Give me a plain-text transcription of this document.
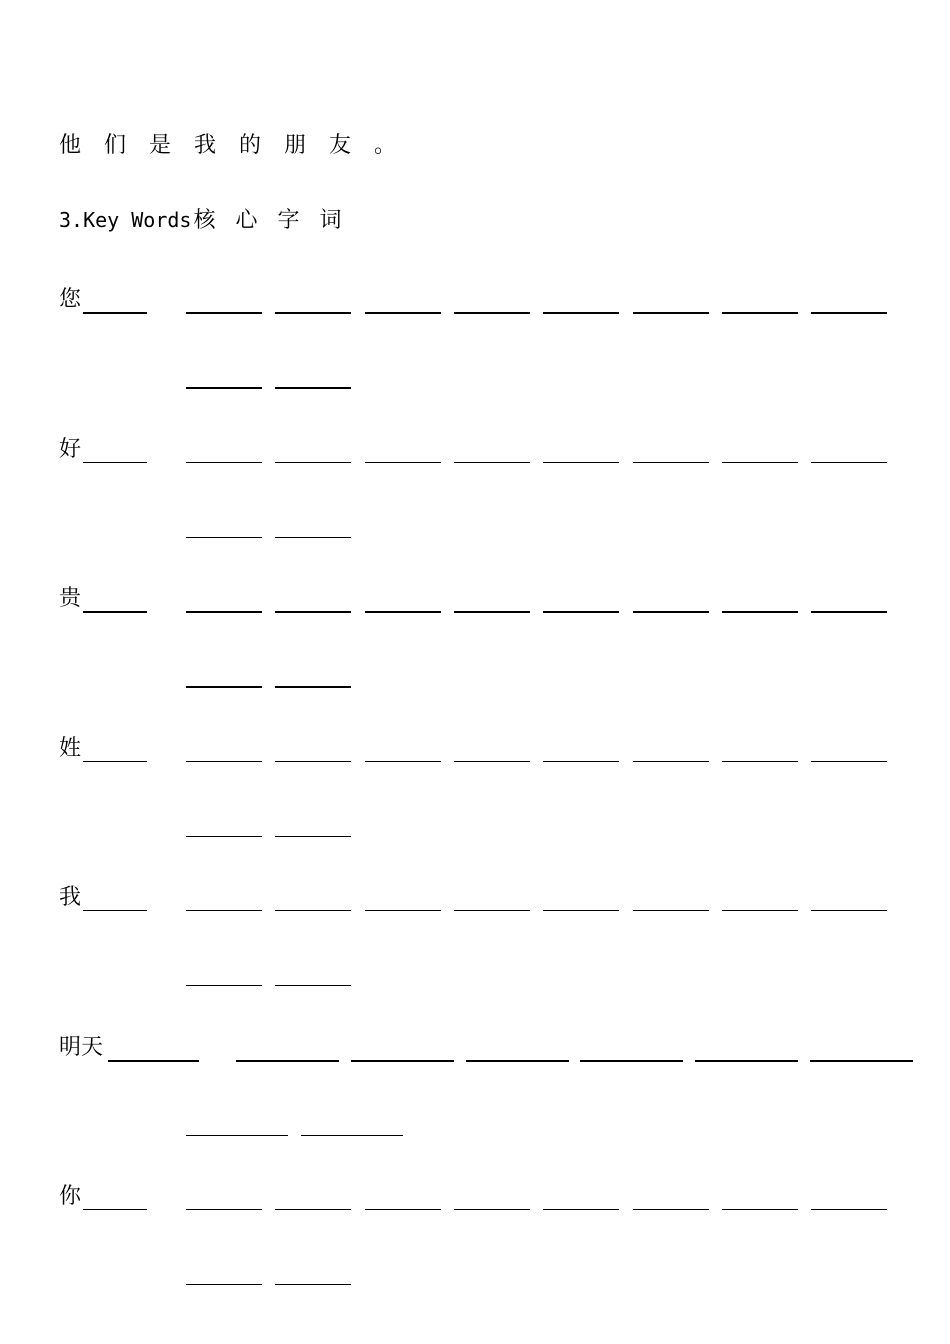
他们是我的朋友。
3.Key Words核心字词
您
好
贵
姓
我
明天
你
